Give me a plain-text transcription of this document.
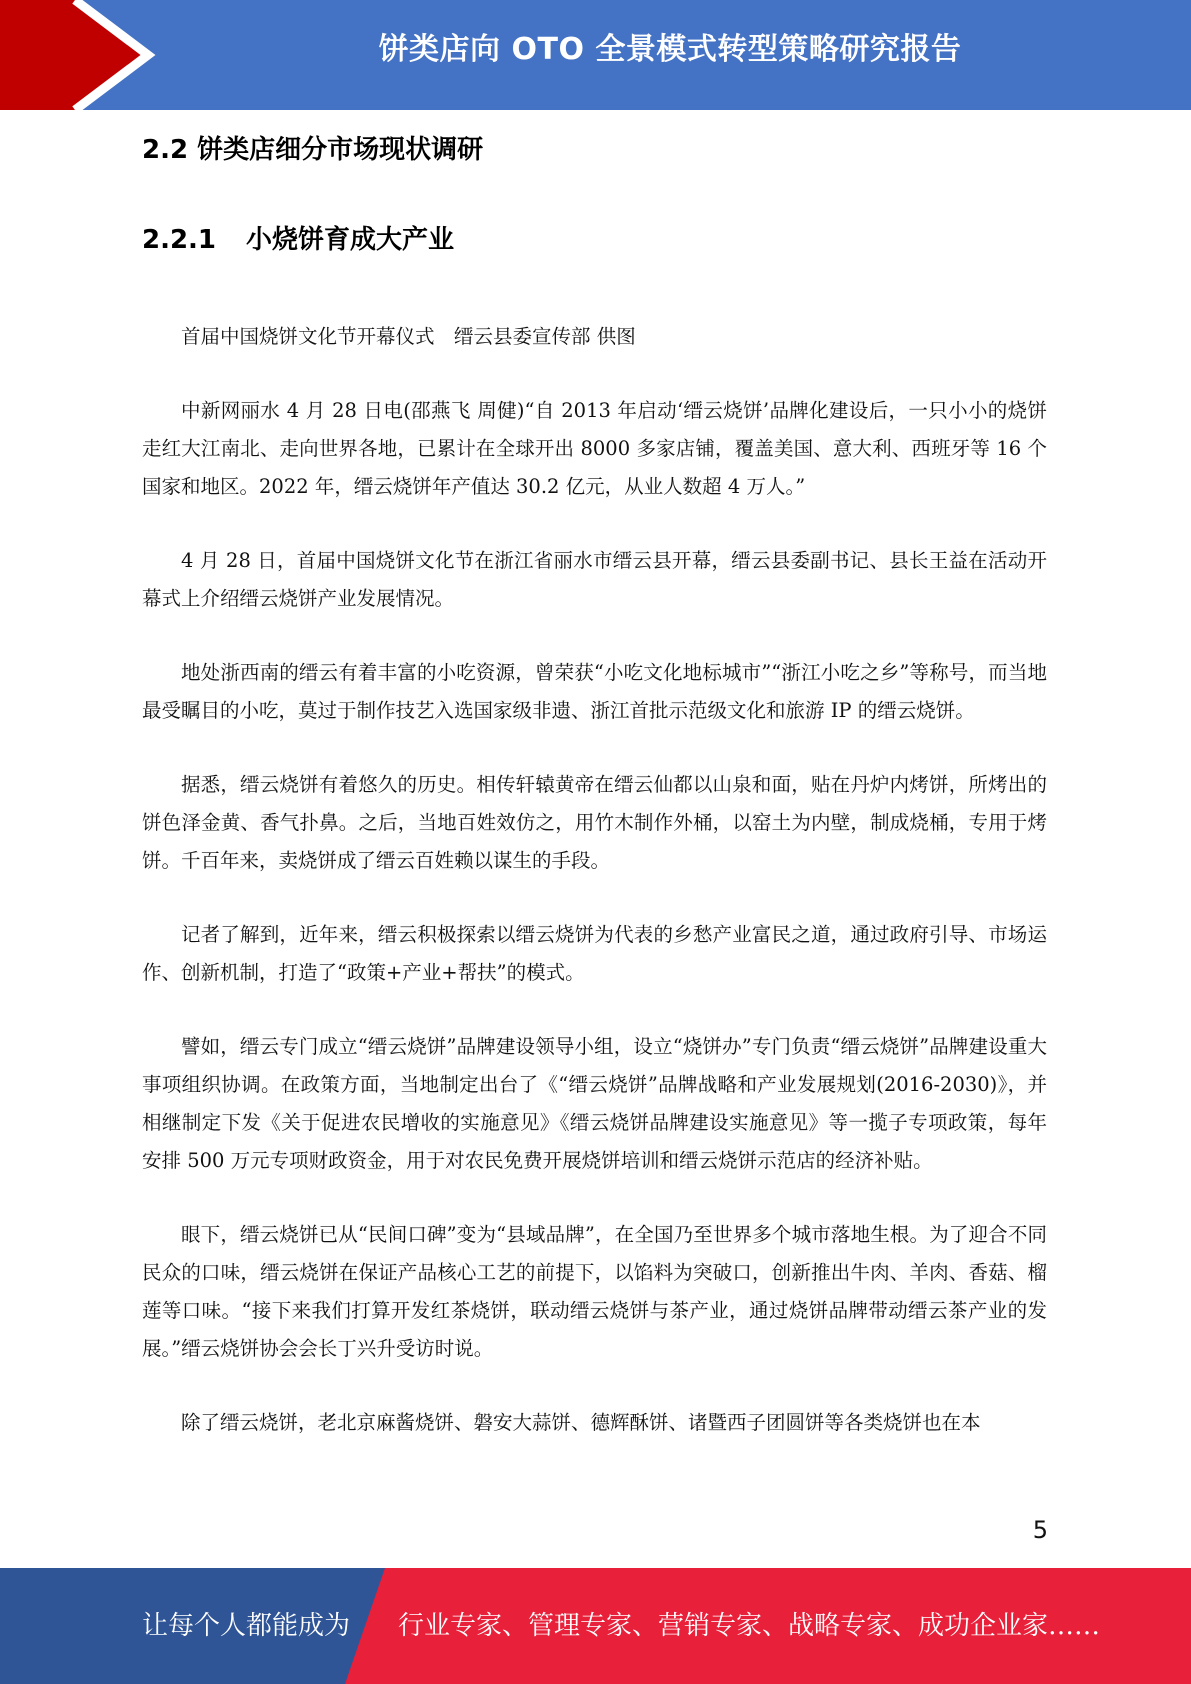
饼类店向 OTO 全景模式转型策略研究报告
2.2 饼类店细分市场现状调研
2.2.1 小烧饼育成大产业

首届中国烧饼文化节开幕仪式　缙云县委宣传部 供图

中新网丽水 4 月 28 日电(邵燕飞 周健)“自 2013 年启动‘缙云烧饼’品牌化建设后，一只小小的烧饼走红大江南北、走向世界各地，已累计在全球开出 8000 多家店铺，覆盖美国、意大利、西班牙等 16 个国家和地区。2022 年，缙云烧饼年产值达 30.2 亿元，从业人数超 4 万人。”

4 月 28 日，首届中国烧饼文化节在浙江省丽水市缙云县开幕，缙云县委副书记、县长王益在活动开幕式上介绍缙云烧饼产业发展情况。

地处浙西南的缙云有着丰富的小吃资源，曾荣获“小吃文化地标城市”“浙江小吃之乡”等称号，而当地最受瞩目的小吃，莫过于制作技艺入选国家级非遗、浙江首批示范级文化和旅游 IP 的缙云烧饼。

据悉，缙云烧饼有着悠久的历史。相传轩辕黄帝在缙云仙都以山泉和面，贴在丹炉内烤饼，所烤出的饼色泽金黄、香气扑鼻。之后，当地百姓效仿之，用竹木制作外桶，以窑土为内壁，制成烧桶，专用于烤饼。千百年来，卖烧饼成了缙云百姓赖以谋生的手段。

记者了解到，近年来，缙云积极探索以缙云烧饼为代表的乡愁产业富民之道，通过政府引导、市场运作、创新机制，打造了“政策+产业+帮扶”的模式。

譬如，缙云专门成立“缙云烧饼”品牌建设领导小组，设立“烧饼办”专门负责“缙云烧饼”品牌建设重大事项组织协调。在政策方面，当地制定出台了《“缙云烧饼”品牌战略和产业发展规划(2016-2030)》，并相继制定下发《关于促进农民增收的实施意见》《缙云烧饼品牌建设实施意见》等一揽子专项政策，每年安排 500 万元专项财政资金，用于对农民免费开展烧饼培训和缙云烧饼示范店的经济补贴。

眼下，缙云烧饼已从“民间口碑”变为“县域品牌”，在全国乃至世界多个城市落地生根。为了迎合不同民众的口味，缙云烧饼在保证产品核心工艺的前提下，以馅料为突破口，创新推出牛肉、羊肉、香菇、榴莲等口味。“接下来我们打算开发红茶烧饼，联动缙云烧饼与茶产业，通过烧饼品牌带动缙云茶产业的发展。”缙云烧饼协会会长丁兴升受访时说。

除了缙云烧饼，老北京麻酱烧饼、磐安大蒜饼、德辉酥饼、诸暨西子团圆饼等各类烧饼也在本

5
让每个人都能成为 行业专家、管理专家、营销专家、战略专家、成功企业家……
